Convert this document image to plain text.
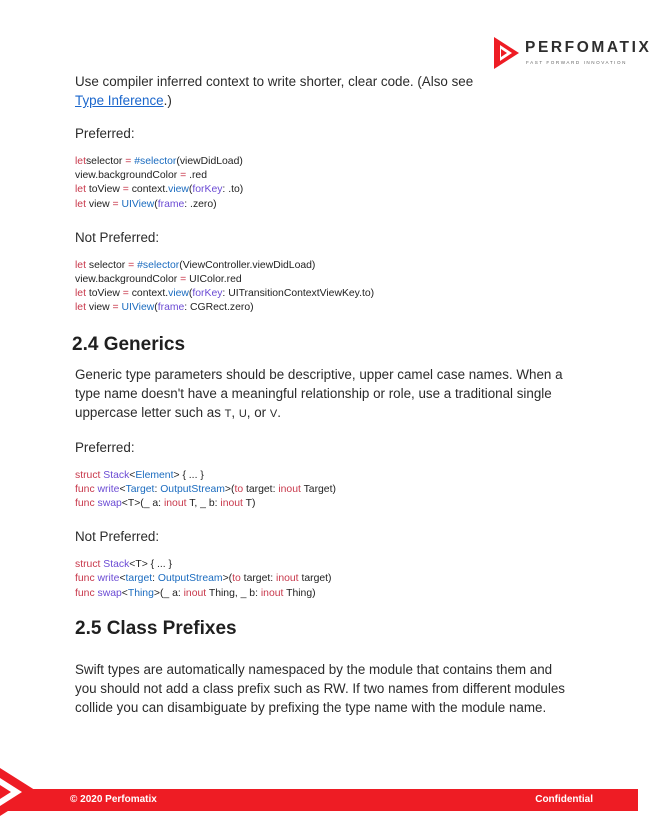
PERFOMATIX
FAST FORWARD INNOVATION

Use compiler inferred context to write shorter, clear code. (Also see
Type Inference.)

Preferred:

letselector = #selector(viewDidLoad)
view.backgroundColor = .red
let toView = context.view(forKey: .to)
let view = UIView(frame: .zero)

Not Preferred:

let selector = #selector(ViewController.viewDidLoad)
view.backgroundColor = UIColor.red
let toView = context.view(forKey: UITransitionContextViewKey.to)
let view = UIView(frame: CGRect.zero)
2.4 Generics

Generic type parameters should be descriptive, upper camel case names. When a type name doesn't have a meaningful relationship or role, use a traditional single uppercase letter such as T, U, or V.

Preferred:

struct Stack<Element> { ... }
func write<Target: OutputStream>(to target: inout Target)
func swap<T>(_ a: inout T, _ b: inout T)

Not Preferred:

struct Stack<T> { ... }
func write<target: OutputStream>(to target: inout target)
func swap<Thing>(_ a: inout Thing, _ b: inout Thing)
2.5 Class Prefixes

Swift types are automatically namespaced by the module that contains them and you should not add a class prefix such as RW. If two names from different modules collide you can disambiguate by prefixing the type name with the module name.

© 2020 Perfomatix	Confidential
